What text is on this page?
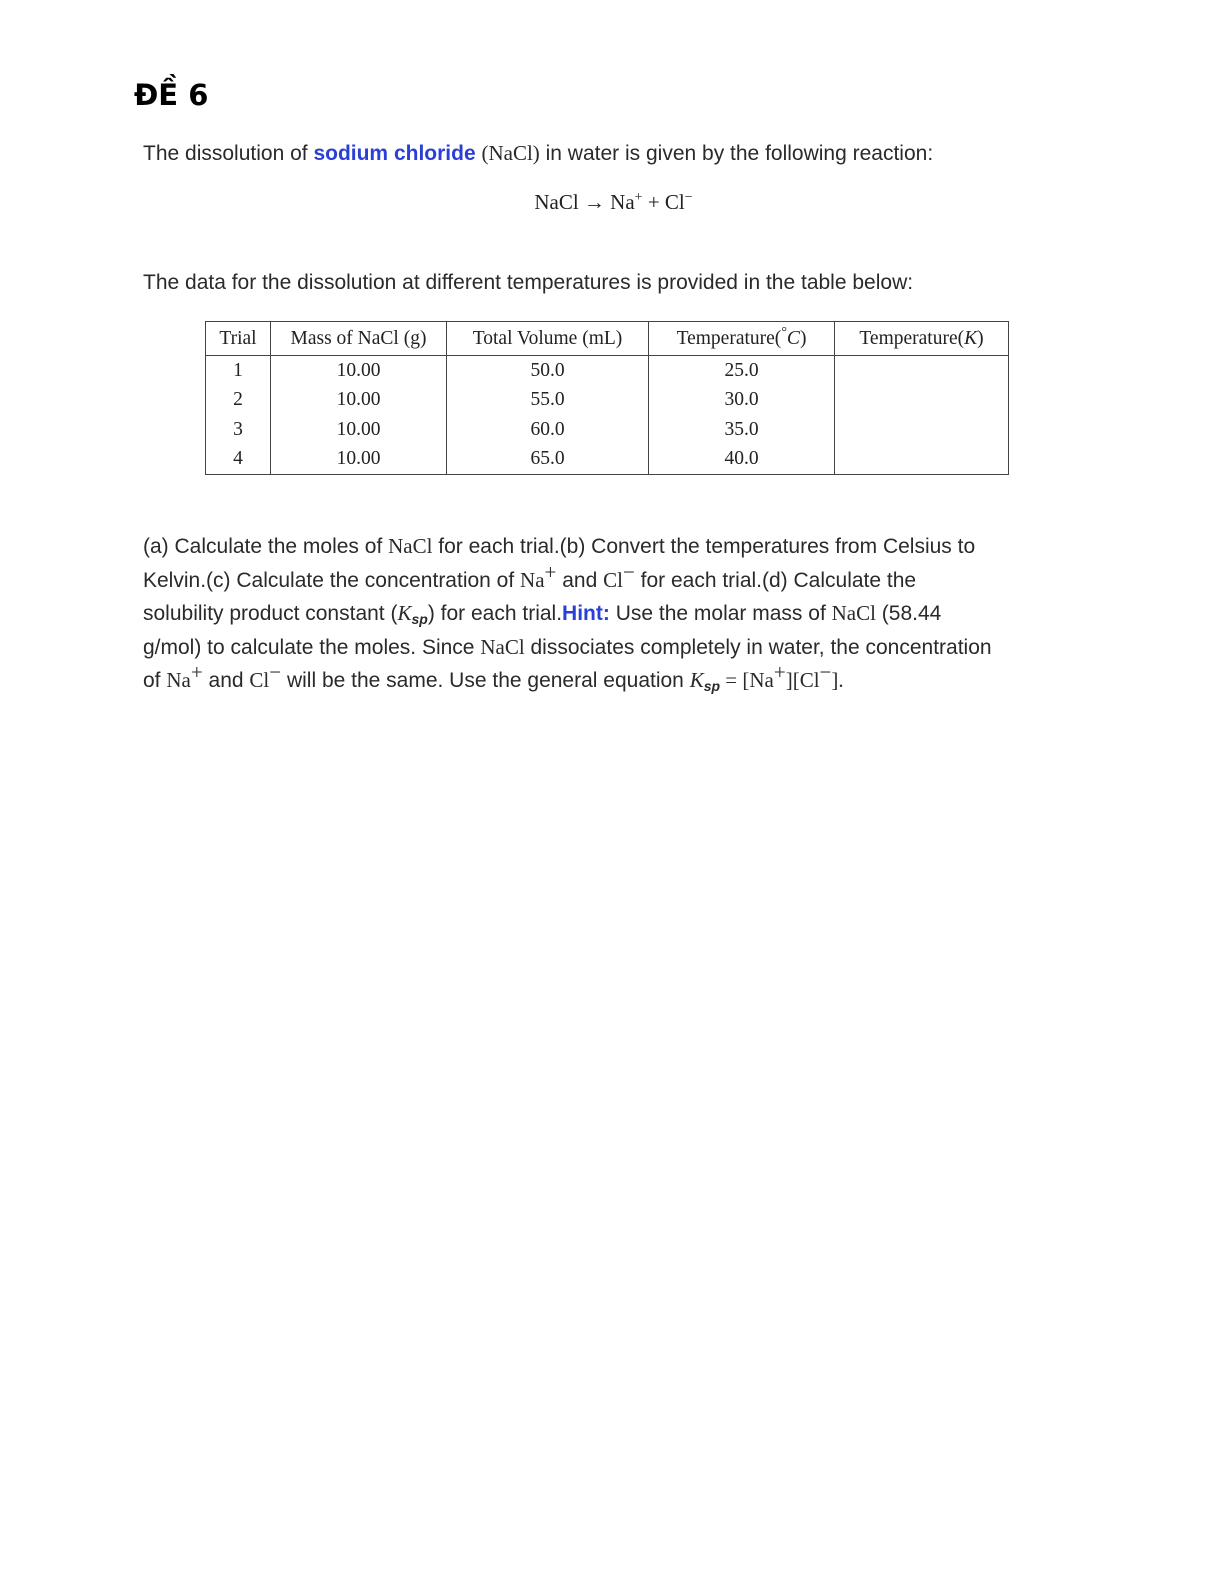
ĐỀ 6

The dissolution of sodium chloride (NaCl) in water is given by the following reaction:

NaCl → Na+ + Cl−

The data for the dissolution at different temperatures is provided in the table below:

Trial	Mass of NaCl (g)	Total Volume (mL)	Temperature(°C)	Temperature(K)
1	10.00	50.0	25.0	
2	10.00	55.0	30.0	
3	10.00	60.0	35.0	
4	10.00	65.0	40.0	
(a) Calculate the moles of NaCl for each trial.(b) Convert the temperatures from Celsius to
Kelvin.(c) Calculate the concentration of Na+ and Cl− for each trial.(d) Calculate the
solubility product constant $(K_{sp})$ for each trial.Hint: Use the molar mass of NaCl (58.44
g/mol) to calculate the moles. Since NaCl dissociates completely in water, the concentration
of Na+ and Cl− will be the same. Use the general equation $K_{sp} = [Na^+][Cl^-]$.
